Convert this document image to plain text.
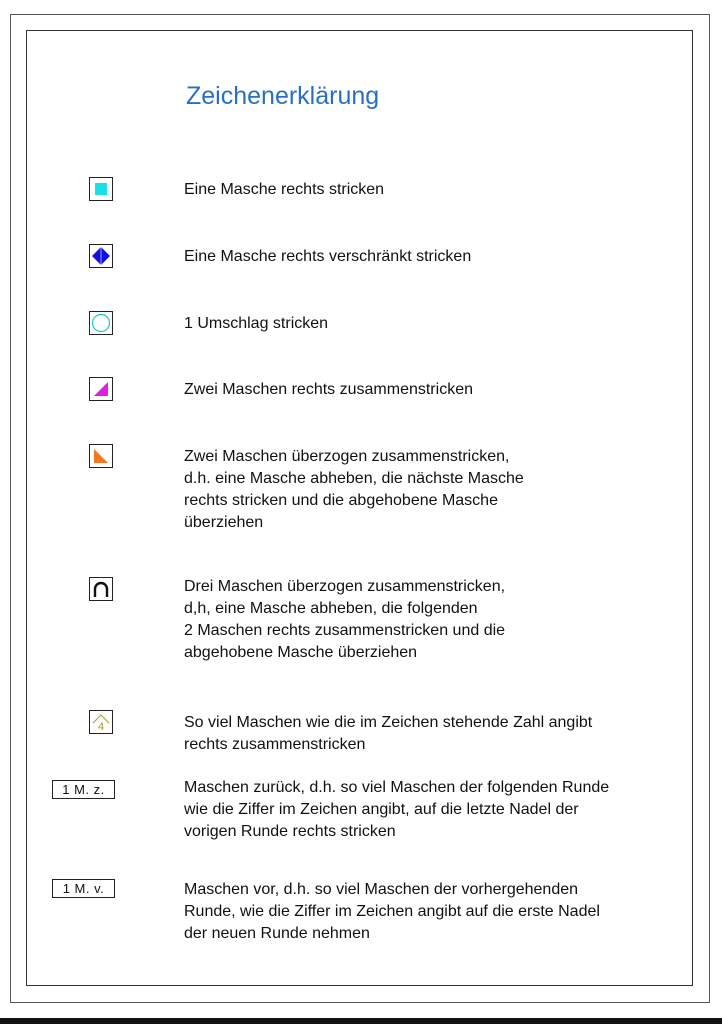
Zeichenerklärung
Eine Masche rechts stricken
Eine Masche rechts verschränkt stricken
1 Umschlag stricken
Zwei Maschen rechts zusammenstricken
Zwei Maschen überzogen zusammenstricken,
d.h. eine Masche abheben, die nächste Masche
rechts stricken und die abgehobene Masche
überziehen
Drei Maschen überzogen zusammenstricken,
d,h, eine Masche abheben, die folgenden
2 Maschen rechts zusammenstricken und die
abgehobene Masche überziehen
4	So viel Maschen wie die im Zeichen stehende Zahl angibt
rechts zusammenstricken
1 M. z.	Maschen zurück, d.h. so viel Maschen der folgenden Runde
wie die Ziffer im Zeichen angibt, auf die letzte Nadel der
vorigen Runde rechts stricken
1 M. v.	Maschen vor, d.h. so viel Maschen der vorhergehenden
Runde, wie die Ziffer im Zeichen angibt auf die erste Nadel
der neuen Runde nehmen
